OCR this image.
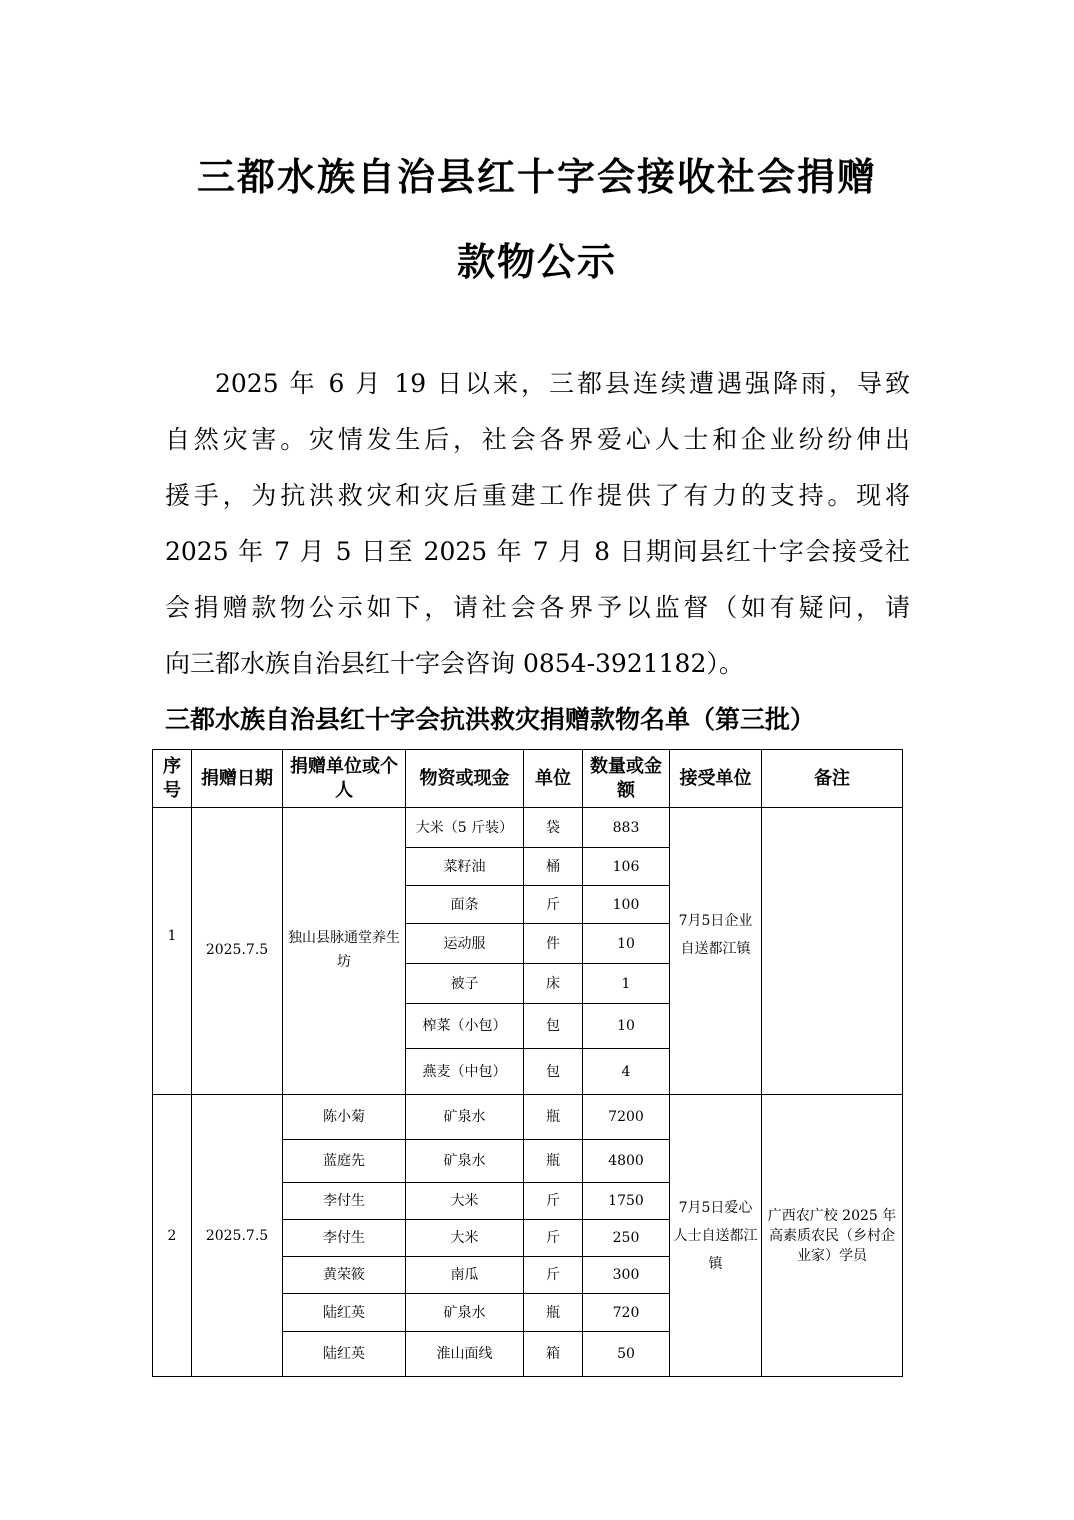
三都水族自治县红十字会接收社会捐赠
款物公示

2025 年 6 月 19 日以来，三都县连续遭遇强降雨，导致

自然灾害。灾情发生后，社会各界爱心人士和企业纷纷伸出

援手，为抗洪救灾和灾后重建工作提供了有力的支持。现将

2025 年 7 月 5 日至 2025 年 7 月 8 日期间县红十字会接受社

会捐赠款物公示如下，请社会各界予以监督（如有疑问，请

向三都水族自治县红十字会咨询 0854-3921182）。

三都水族自治县红十字会抗洪救灾捐赠款物名单（第三批）
序号	捐赠日期	捐赠单位或个人	物资或现金	单位	数量或金额	接受单位	备注
1	2025.7.5	独山县脉通堂养生坊	大米（5 斤装）	袋	883	7月5日企业自送都江镇	
			菜籽油	桶	106		
			面条	斤	100		
			运动服	件	10		
			被子	床	1		
			榨菜（小包）	包	10		
			燕麦（中包）	包	4		
2	2025.7.5	陈小菊	矿泉水	瓶	7200	7月5日爱心人士自送都江镇	广西农广校 2025 年高素质农民（乡村企业家）学员
		蓝庭先	矿泉水	瓶	4800		
		李付生	大米	斤	1750		
		李付生	大米	斤	250		
		黄荣筱	南瓜	斤	300		
		陆红英	矿泉水	瓶	720		
		陆红英	淮山面线	箱	50		
